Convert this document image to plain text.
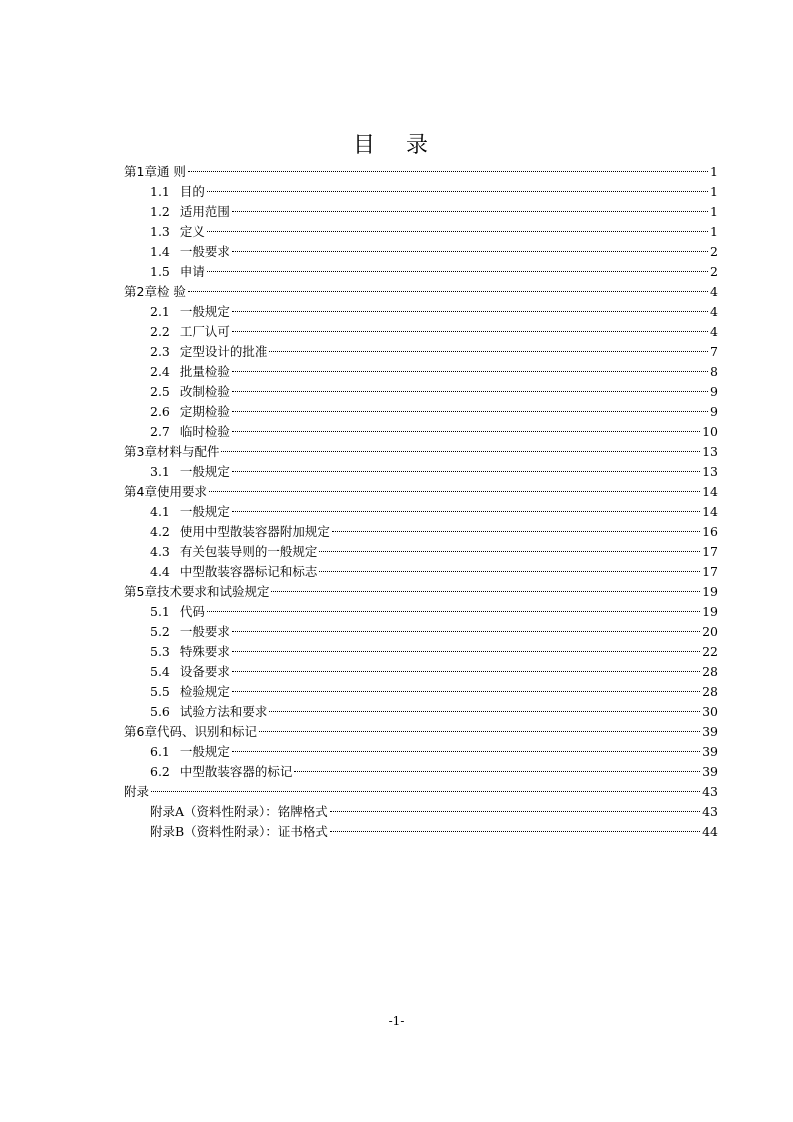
目 录
第1章通 则	1
1.1 目的	1
1.2 适用范围	1
1.3 定义	1
1.4 一般要求	2
1.5 申请	2
第2章检 验	4
2.1 一般规定	4
2.2 工厂认可	4
2.3 定型设计的批准	7
2.4 批量检验	8
2.5 改制检验	9
2.6 定期检验	9
2.7 临时检验	10
第3章材料与配件	13
3.1 一般规定	13
第4章使用要求	14
4.1 一般规定	14
4.2 使用中型散装容器附加规定	16
4.3 有关包装导则的一般规定	17
4.4 中型散装容器标记和标志	17
第5章技术要求和试验规定	19
5.1 代码	19
5.2 一般要求	20
5.3 特殊要求	22
5.4 设备要求	28
5.5 检验规定	28
5.6 试验方法和要求	30
第6章代码、识别和标记	39
6.1 一般规定	39
6.2 中型散装容器的标记	39
附录	43
附录A（资料性附录）：铭牌格式	43
附录B（资料性附录）：证书格式	44
-1-
